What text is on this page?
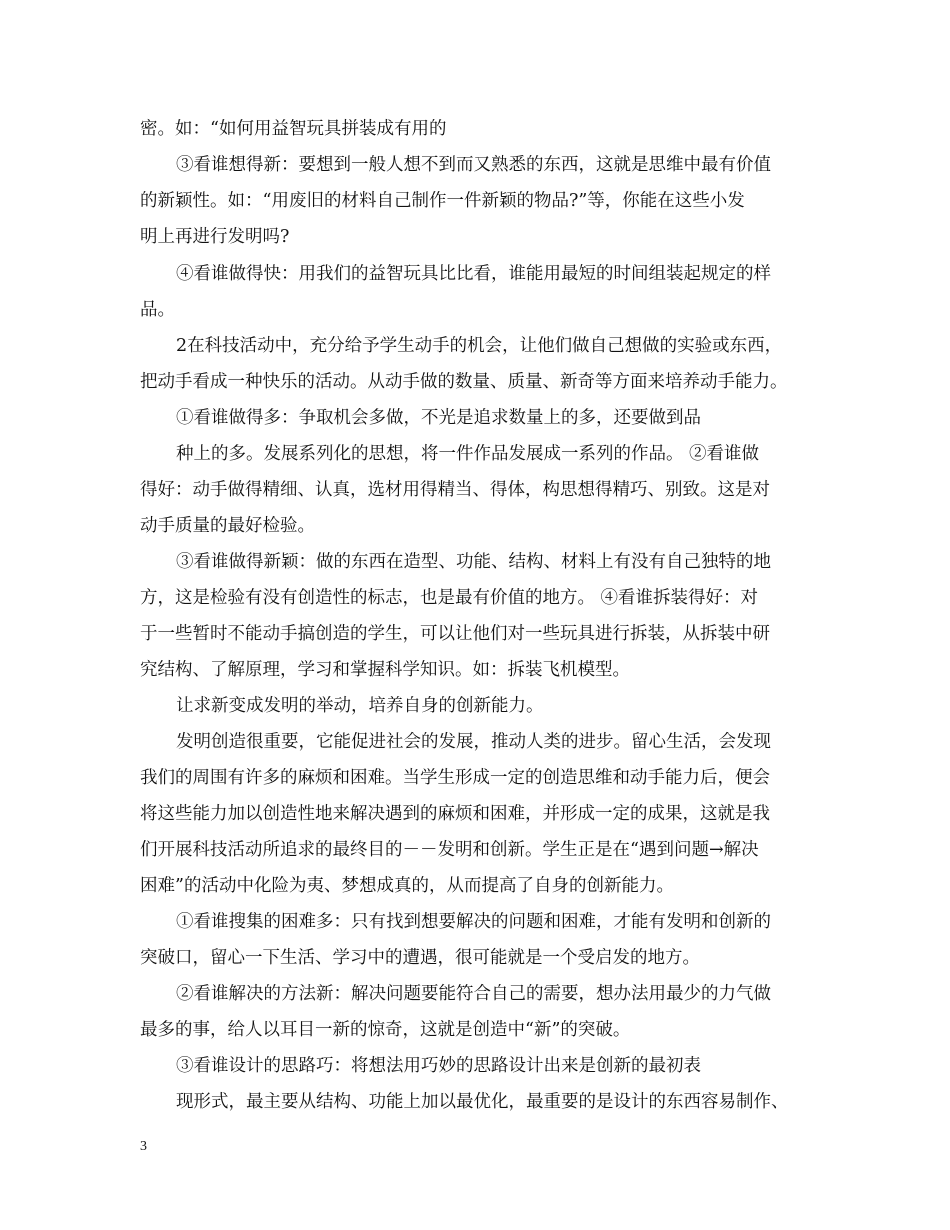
密。如：“如何用益智玩具拼装成有用的
③看谁想得新：要想到一般人想不到而又熟悉的东西，这就是思维中最有价值
的新颖性。如：“用废旧的材料自己制作一件新颖的物品?”等，你能在这些小发
明上再进行发明吗?
④看谁做得快：用我们的益智玩具比比看，谁能用最短的时间组装起规定的样
品。
2在科技活动中，充分给予学生动手的机会，让他们做自己想做的实验或东西，
把动手看成一种快乐的活动。从动手做的数量、质量、新奇等方面来培养动手能力。
①看谁做得多：争取机会多做，不光是追求数量上的多，还要做到品
种上的多。发展系列化的思想，将一件作品发展成一系列的作品。 ②看谁做
得好：动手做得精细、认真，选材用得精当、得体，构思想得精巧、别致。这是对
动手质量的最好检验。
③看谁做得新颖：做的东西在造型、功能、结构、材料上有没有自己独特的地
方，这是检验有没有创造性的标志，也是最有价值的地方。 ④看谁拆装得好：对
于一些暂时不能动手搞创造的学生，可以让他们对一些玩具进行拆装，从拆装中研
究结构、了解原理，学习和掌握科学知识。如：拆装飞机模型。
让求新变成发明的举动，培养自身的创新能力。
发明创造很重要，它能促进社会的发展，推动人类的进步。留心生活，会发现
我们的周围有许多的麻烦和困难。当学生形成一定的创造思维和动手能力后，便会
将这些能力加以创造性地来解决遇到的麻烦和困难，并形成一定的成果，这就是我
们开展科技活动所追求的最终目的－－发明和创新。学生正是在“遇到问题→解决
困难”的活动中化险为夷、梦想成真的，从而提高了自身的创新能力。
①看谁搜集的困难多：只有找到想要解决的问题和困难，才能有发明和创新的
突破口，留心一下生活、学习中的遭遇，很可能就是一个受启发的地方。
②看谁解决的方法新：解决问题要能符合自己的需要，想办法用最少的力气做
最多的事，给人以耳目一新的惊奇，这就是创造中“新”的突破。
③看谁设计的思路巧：将想法用巧妙的思路设计出来是创新的最初表
现形式，最主要从结构、功能上加以最优化，最重要的是设计的东西容易制作、
3
